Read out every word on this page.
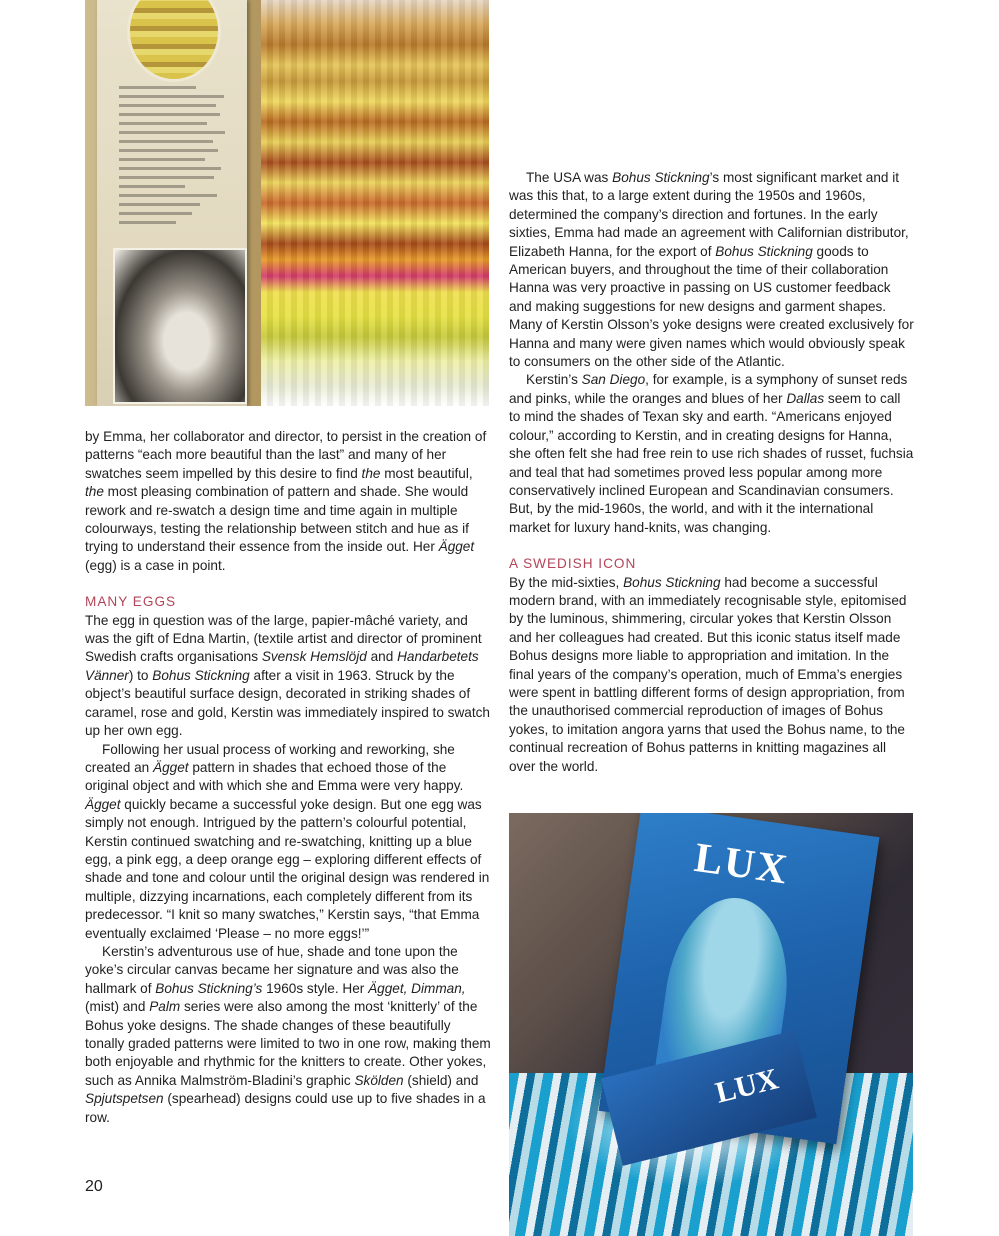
by Emma, her collaborator and director, to persist in the creation of patterns “each more beautiful than the last” and many of her swatches seem impelled by this desire to find the most beautiful, the most pleasing combination of pattern and shade. She would rework and re-swatch a design time and time again in multiple colourways, testing the relationship between stitch and hue as if trying to understand their essence from the inside out. Her Ägget (egg) is a case in point.

MANY EGGS

The egg in question was of the large, papier-mâché variety, and was the gift of Edna Martin, (textile artist and director of prominent Swedish crafts organisations Svensk Hemslöjd and Handarbetets Vänner) to Bohus Stickning after a visit in 1963. Struck by the object’s beautiful surface design, decorated in striking shades of caramel, rose and gold, Kerstin was immediately inspired to swatch up her own egg.

Following her usual process of working and reworking, she created an Ägget pattern in shades that echoed those of the original object and with which she and Emma were very happy. Ägget quickly became a successful yoke design. But one egg was simply not enough. Intrigued by the pattern’s colourful potential, Kerstin continued swatching and re-swatching, knitting up a blue egg, a pink egg, a deep orange egg – exploring different effects of shade and tone and colour until the original design was rendered in multiple, dizzying incarnations, each completely different from its predecessor. “I knit so many swatches,” Kerstin says, “that Emma eventually exclaimed ‘Please – no more eggs!’”

Kerstin’s adventurous use of hue, shade and tone upon the yoke’s circular canvas became her signature and was also the hallmark of Bohus Stickning’s 1960s style. Her Ägget, Dimman, (mist) and Palm series were also among the most ‘knitterly’ of the Bohus yoke designs. The shade changes of these beautifully tonally graded patterns were limited to two in one row, making them both enjoyable and rhythmic for the knitters to create. Other yokes, such as Annika Malmström-Bladini’s graphic Skölden (shield) and Spjutspetsen (spearhead) designs could use up to five shades in a row.

The USA was Bohus Stickning’s most significant market and it was this that, to a large extent during the 1950s and 1960s, determined the company’s direction and fortunes. In the early sixties, Emma had made an agreement with Californian distributor, Elizabeth Hanna, for the export of Bohus Stickning goods to American buyers, and throughout the time of their collaboration Hanna was very proactive in passing on US customer feedback and making suggestions for new designs and garment shapes. Many of Kerstin Olsson’s yoke designs were created exclusively for Hanna and many were given names which would obviously speak to consumers on the other side of the Atlantic.

Kerstin’s San Diego, for example, is a symphony of sunset reds and pinks, while the oranges and blues of her Dallas seem to call to mind the shades of Texan sky and earth. “Americans enjoyed colour,” according to Kerstin, and in creating designs for Hanna, she often felt she had free rein to use rich shades of russet, fuchsia and teal that had sometimes proved less popular among more conservatively inclined European and Scandinavian consumers. But, by the mid-1960s, the world, and with it the international market for luxury hand-knits, was changing.

A SWEDISH ICON

By the mid-sixties, Bohus Stickning had become a successful modern brand, with an immediately recognisable style, epitomised by the luminous, shimmering, circular yokes that Kerstin Olsson and her colleagues had created. But this iconic status itself made Bohus designs more liable to appropriation and imitation. In the final years of the company’s operation, much of Emma’s energies were spent in battling different forms of design appropriation, from the unauthorised commercial reproduction of images of Bohus yokes, to imitation angora yarns that used the Bohus name, to the continual recreation of Bohus patterns in knitting magazines all over the world.

LUX
LUX
20
